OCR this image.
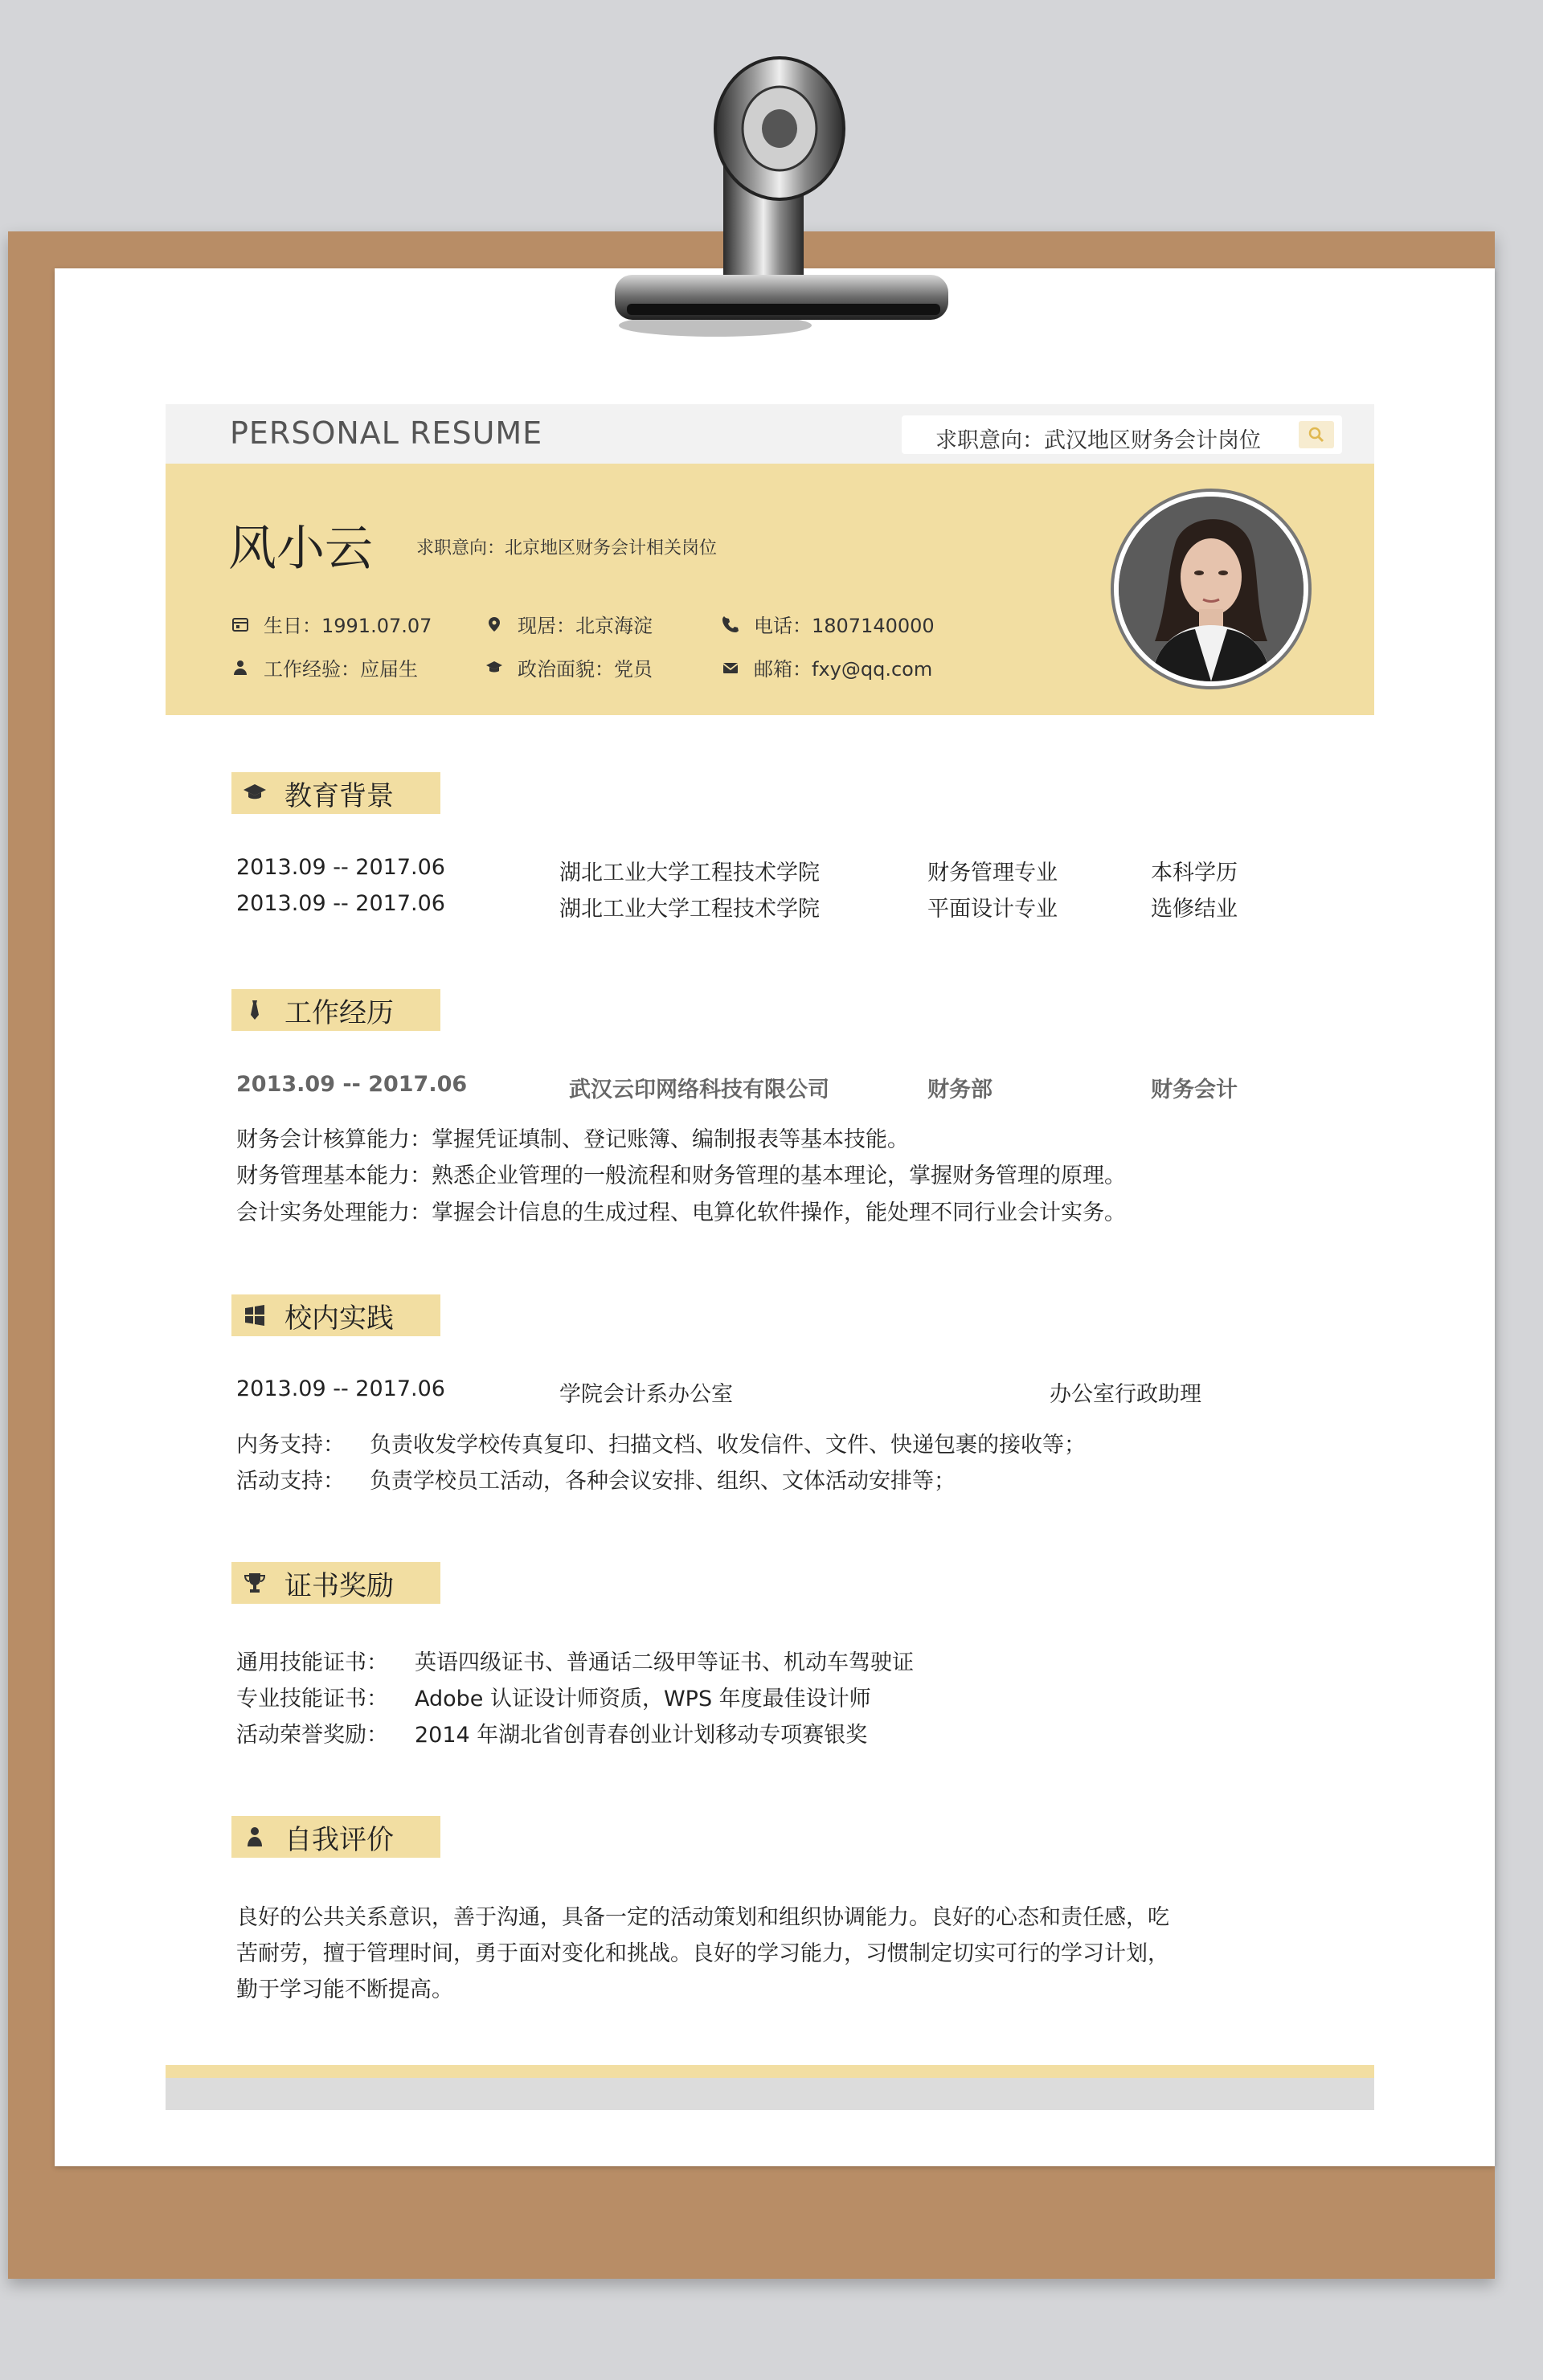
PERSONAL RESUME	求职意向：武汉地区财务会计岗位
风小云 求职意向：北京地区财务会计相关岗位
生日：1991.07.07	现居：北京海淀	电话：1807140000
工作经验：应届生	政治面貌：党员	邮箱：fxy@qq.com
教育背景
2013.09 -- 2017.06	湖北工业大学工程技术学院	财务管理专业	本科学历
2013.09 -- 2017.06	湖北工业大学工程技术学院	平面设计专业	选修结业
工作经历
2013.09 -- 2017.06	武汉云印网络科技有限公司	财务部	财务会计
财务会计核算能力：掌握凭证填制、登记账簿、编制报表等基本技能。
财务管理基本能力：熟悉企业管理的一般流程和财务管理的基本理论，掌握财务管理的原理。
会计实务处理能力：掌握会计信息的生成过程、电算化软件操作，能处理不同行业会计实务。
校内实践
2013.09 -- 2017.06	学院会计系办公室	办公室行政助理
内务支持： 负责收发学校传真复印、扫描文档、收发信件、文件、快递包裹的接收等；
活动支持： 负责学校员工活动，各种会议安排、组织、文体活动安排等；
证书奖励
通用技能证书： 英语四级证书、普通话二级甲等证书、机动车驾驶证
专业技能证书： Adobe 认证设计师资质，WPS 年度最佳设计师
活动荣誉奖励： 2014 年湖北省创青春创业计划移动专项赛银奖
自我评价
良好的公共关系意识，善于沟通，具备一定的活动策划和组织协调能力。良好的心态和责任感，吃
苦耐劳，擅于管理时间，勇于面对变化和挑战。良好的学习能力，习惯制定切实可行的学习计划，
勤于学习能不断提高。
